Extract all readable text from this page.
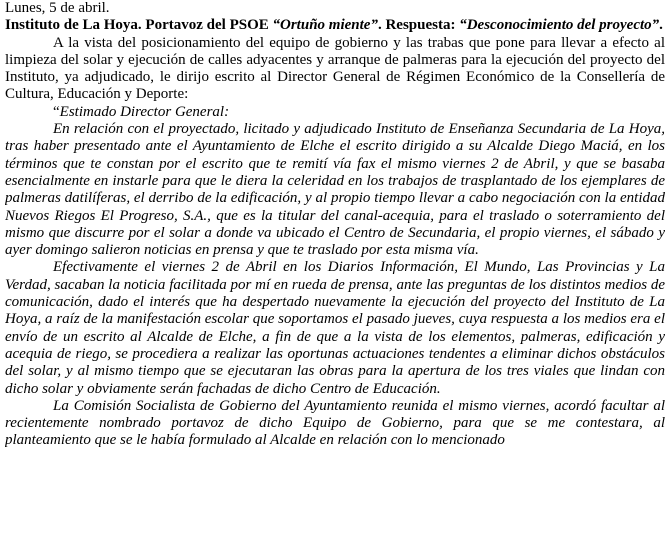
Lunes, 5 de abril.

Instituto de La Hoya. Portavoz del PSOE “Ortuño miente”. Respuesta: “Desconocimiento del proyecto”.

A la vista del posicionamiento del equipo de gobierno y las trabas que pone para llevar a efecto al limpieza del solar y ejecución de calles adyacentes y arranque de palmeras para la ejecución del proyecto del Instituto, ya adjudicado, le dirijo escrito al Director General de Régimen Económico de la Consellería de Cultura, Educación y Deporte:

“Estimado Director General:

En relación con el proyectado, licitado y adjudicado Instituto de Enseñanza Secundaria de La Hoya, tras haber presentado ante el Ayuntamiento de Elche el escrito dirigido a su Alcalde Diego Maciá, en los términos que te constan por el escrito que te remití vía fax el mismo viernes 2 de Abril, y que se basaba esencialmente en instarle para que le diera la celeridad en los trabajos de trasplantado de los ejemplares de palmeras datilíferas, el derribo de la edificación, y al propio tiempo llevar a cabo negociación con la entidad Nuevos Riegos El Progreso, S.A., que es la titular del canal-acequia, para el traslado o soterramiento del mismo que discurre por el solar a donde va ubicado el Centro de Secundaria, el propio viernes, el sábado y ayer domingo salieron noticias en prensa y que te traslado por esta misma vía.

Efectivamente el viernes 2 de Abril en los Diarios Información, El Mundo, Las Provincias y La Verdad, sacaban la noticia facilitada por mí en rueda de prensa, ante las preguntas de los distintos medios de comunicación, dado el interés que ha despertado nuevamente la ejecución del proyecto del Instituto de La Hoya, a raíz de la manifestación escolar que soportamos el pasado jueves, cuya respuesta a los medios era el envío de un escrito al Alcalde de Elche, a fin de que a la vista de los elementos, palmeras, edificación y acequia de riego, se procediera a realizar las oportunas actuaciones tendentes a eliminar dichos obstáculos del solar, y al mismo tiempo que se ejecutaran las obras para la apertura de los tres viales que lindan con dicho solar y obviamente serán fachadas de dicho Centro de Educación.

La Comisión Socialista de Gobierno del Ayuntamiento reunida el mismo viernes, acordó facultar al recientemente nombrado portavoz de dicho Equipo de Gobierno, para que se me contestara, al planteamiento que se le había formulado al Alcalde en relación con lo mencionado
